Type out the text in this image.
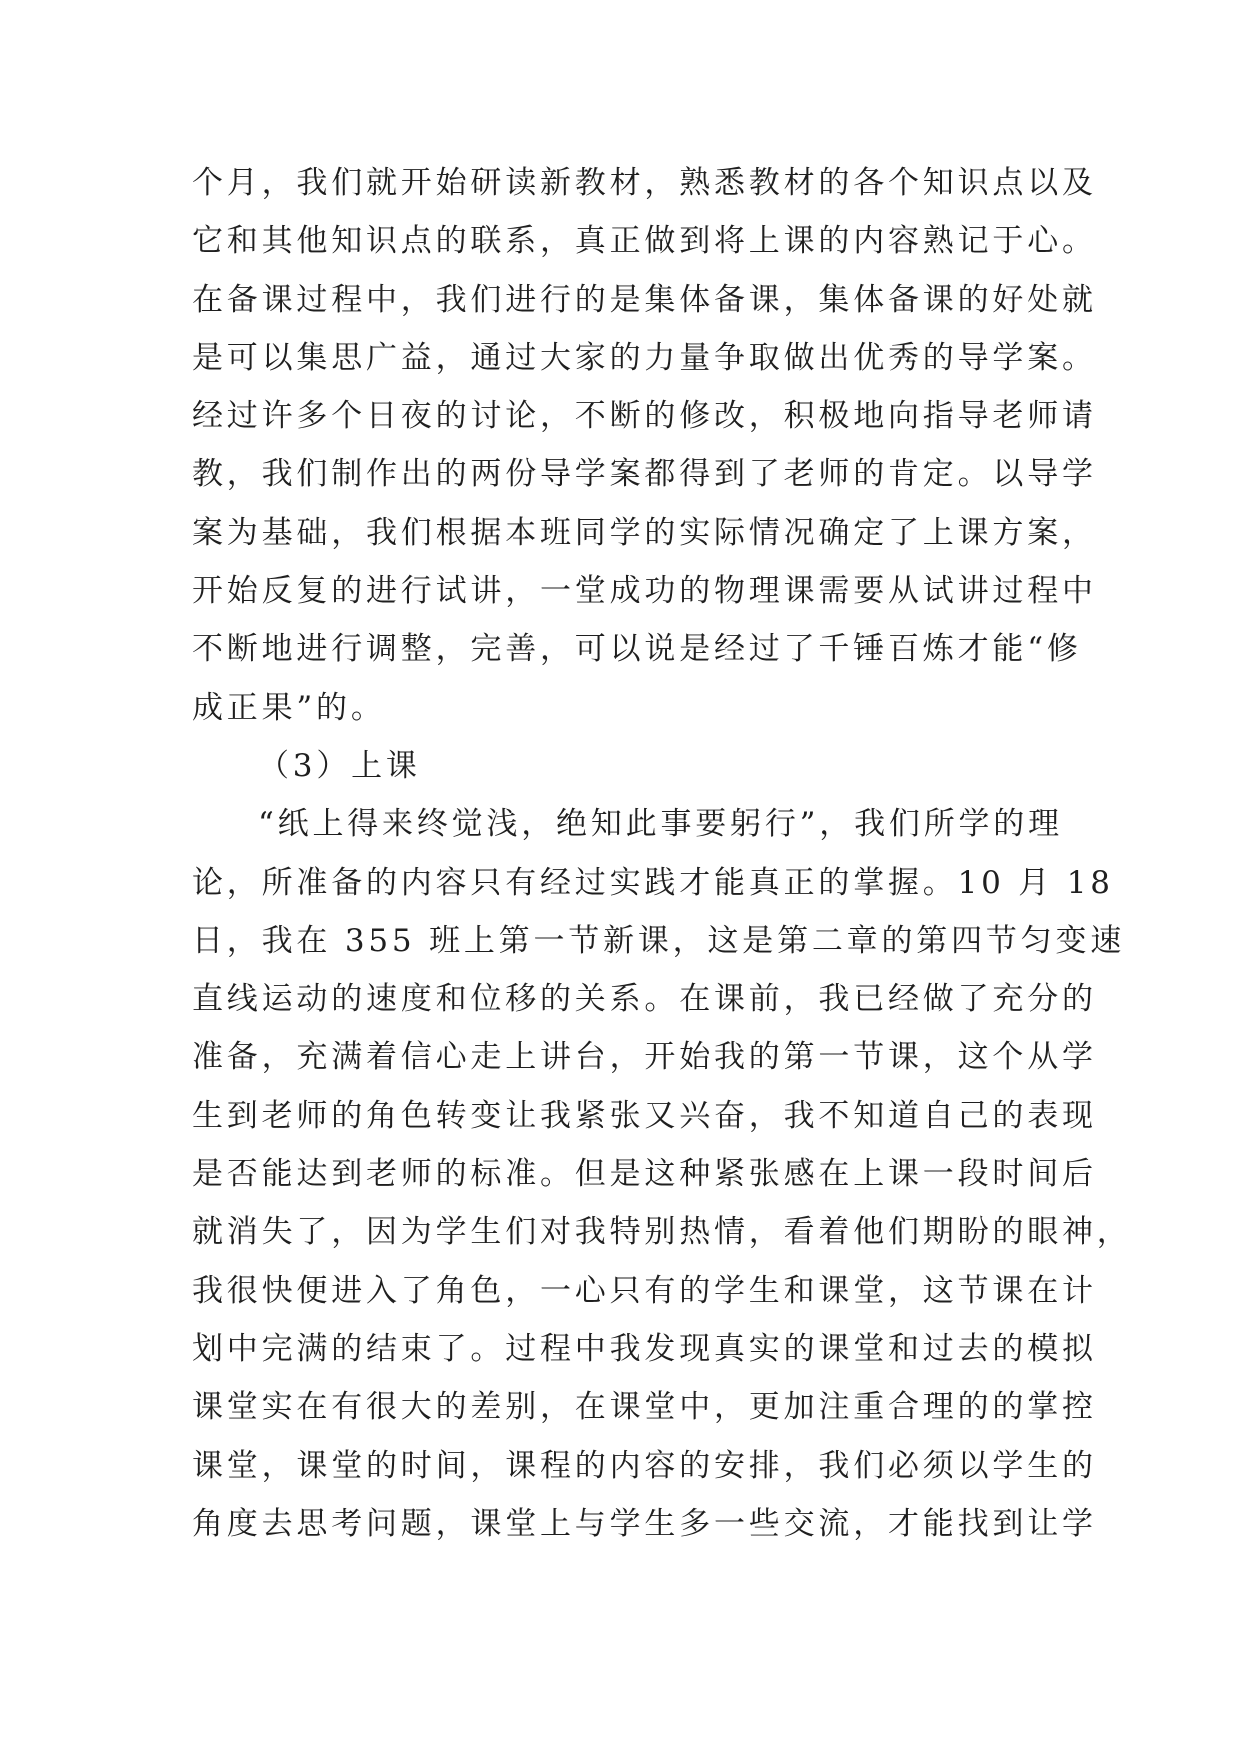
个月，我们就开始研读新教材，熟悉教材的各个知识点以及
它和其他知识点的联系，真正做到将上课的内容熟记于心。
在备课过程中，我们进行的是集体备课，集体备课的好处就
是可以集思广益，通过大家的力量争取做出优秀的导学案。
经过许多个日夜的讨论，不断的修改，积极地向指导老师请
教，我们制作出的两份导学案都得到了老师的肯定。以导学
案为基础，我们根据本班同学的实际情况确定了上课方案，
开始反复的进行试讲，一堂成功的物理课需要从试讲过程中
不断地进行调整，完善，可以说是经过了千锤百炼才能“修
成正果”的。
（3）上课
“纸上得来终觉浅，绝知此事要躬行”，我们所学的理
论，所准备的内容只有经过实践才能真正的掌握。10 月 18
日，我在 355 班上第一节新课，这是第二章的第四节匀变速
直线运动的速度和位移的关系。在课前，我已经做了充分的
准备，充满着信心走上讲台，开始我的第一节课，这个从学
生到老师的角色转变让我紧张又兴奋，我不知道自己的表现
是否能达到老师的标准。但是这种紧张感在上课一段时间后
就消失了，因为学生们对我特别热情，看着他们期盼的眼神，
我很快便进入了角色，一心只有的学生和课堂，这节课在计
划中完满的结束了。过程中我发现真实的课堂和过去的模拟
课堂实在有很大的差别，在课堂中，更加注重合理的的掌控
课堂，课堂的时间，课程的内容的安排，我们必须以学生的
角度去思考问题，课堂上与学生多一些交流，才能找到让学
